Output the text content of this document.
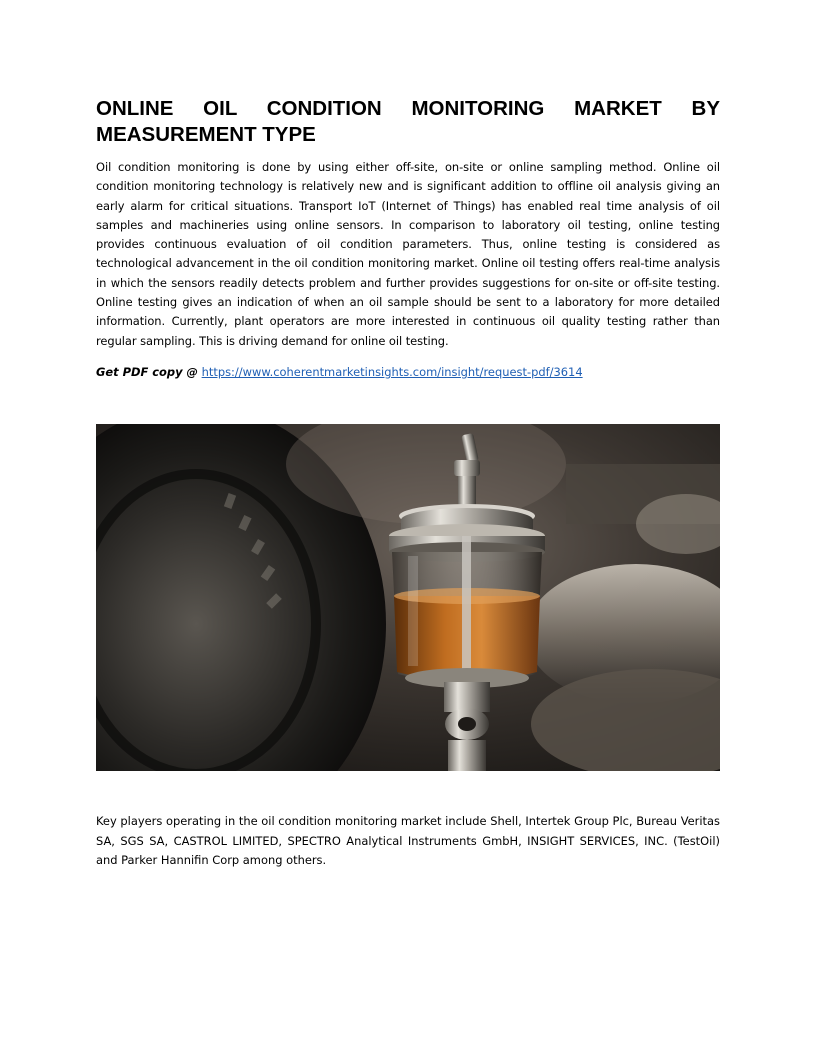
ONLINE OIL CONDITION MONITORING MARKET BY MEASUREMENT TYPE

Oil condition monitoring is done by using either off-site, on-site or online sampling method. Online oil condition monitoring technology is relatively new and is significant addition to offline oil analysis giving an early alarm for critical situations. Transport IoT (Internet of Things) has enabled real time analysis of oil samples and machineries using online sensors. In comparison to laboratory oil testing, online testing provides continuous evaluation of oil condition parameters. Thus, online testing is considered as technological advancement in the oil condition monitoring market. Online oil testing offers real-time analysis in which the sensors readily detects problem and further provides suggestions for on-site or off-site testing. Online testing gives an indication of when an oil sample should be sent to a laboratory for more detailed information. Currently, plant operators are more interested in continuous oil quality testing rather than regular sampling. This is driving demand for online oil testing.

Get PDF copy @ https://www.coherentmarketinsights.com/insight/request-pdf/3614

Key players operating in the oil condition monitoring market include Shell, Intertek Group Plc, Bureau Veritas SA, SGS SA, CASTROL LIMITED, SPECTRO Analytical Instruments GmbH, INSIGHT SERVICES, INC. (TestOil) and Parker Hannifin Corp among others.
